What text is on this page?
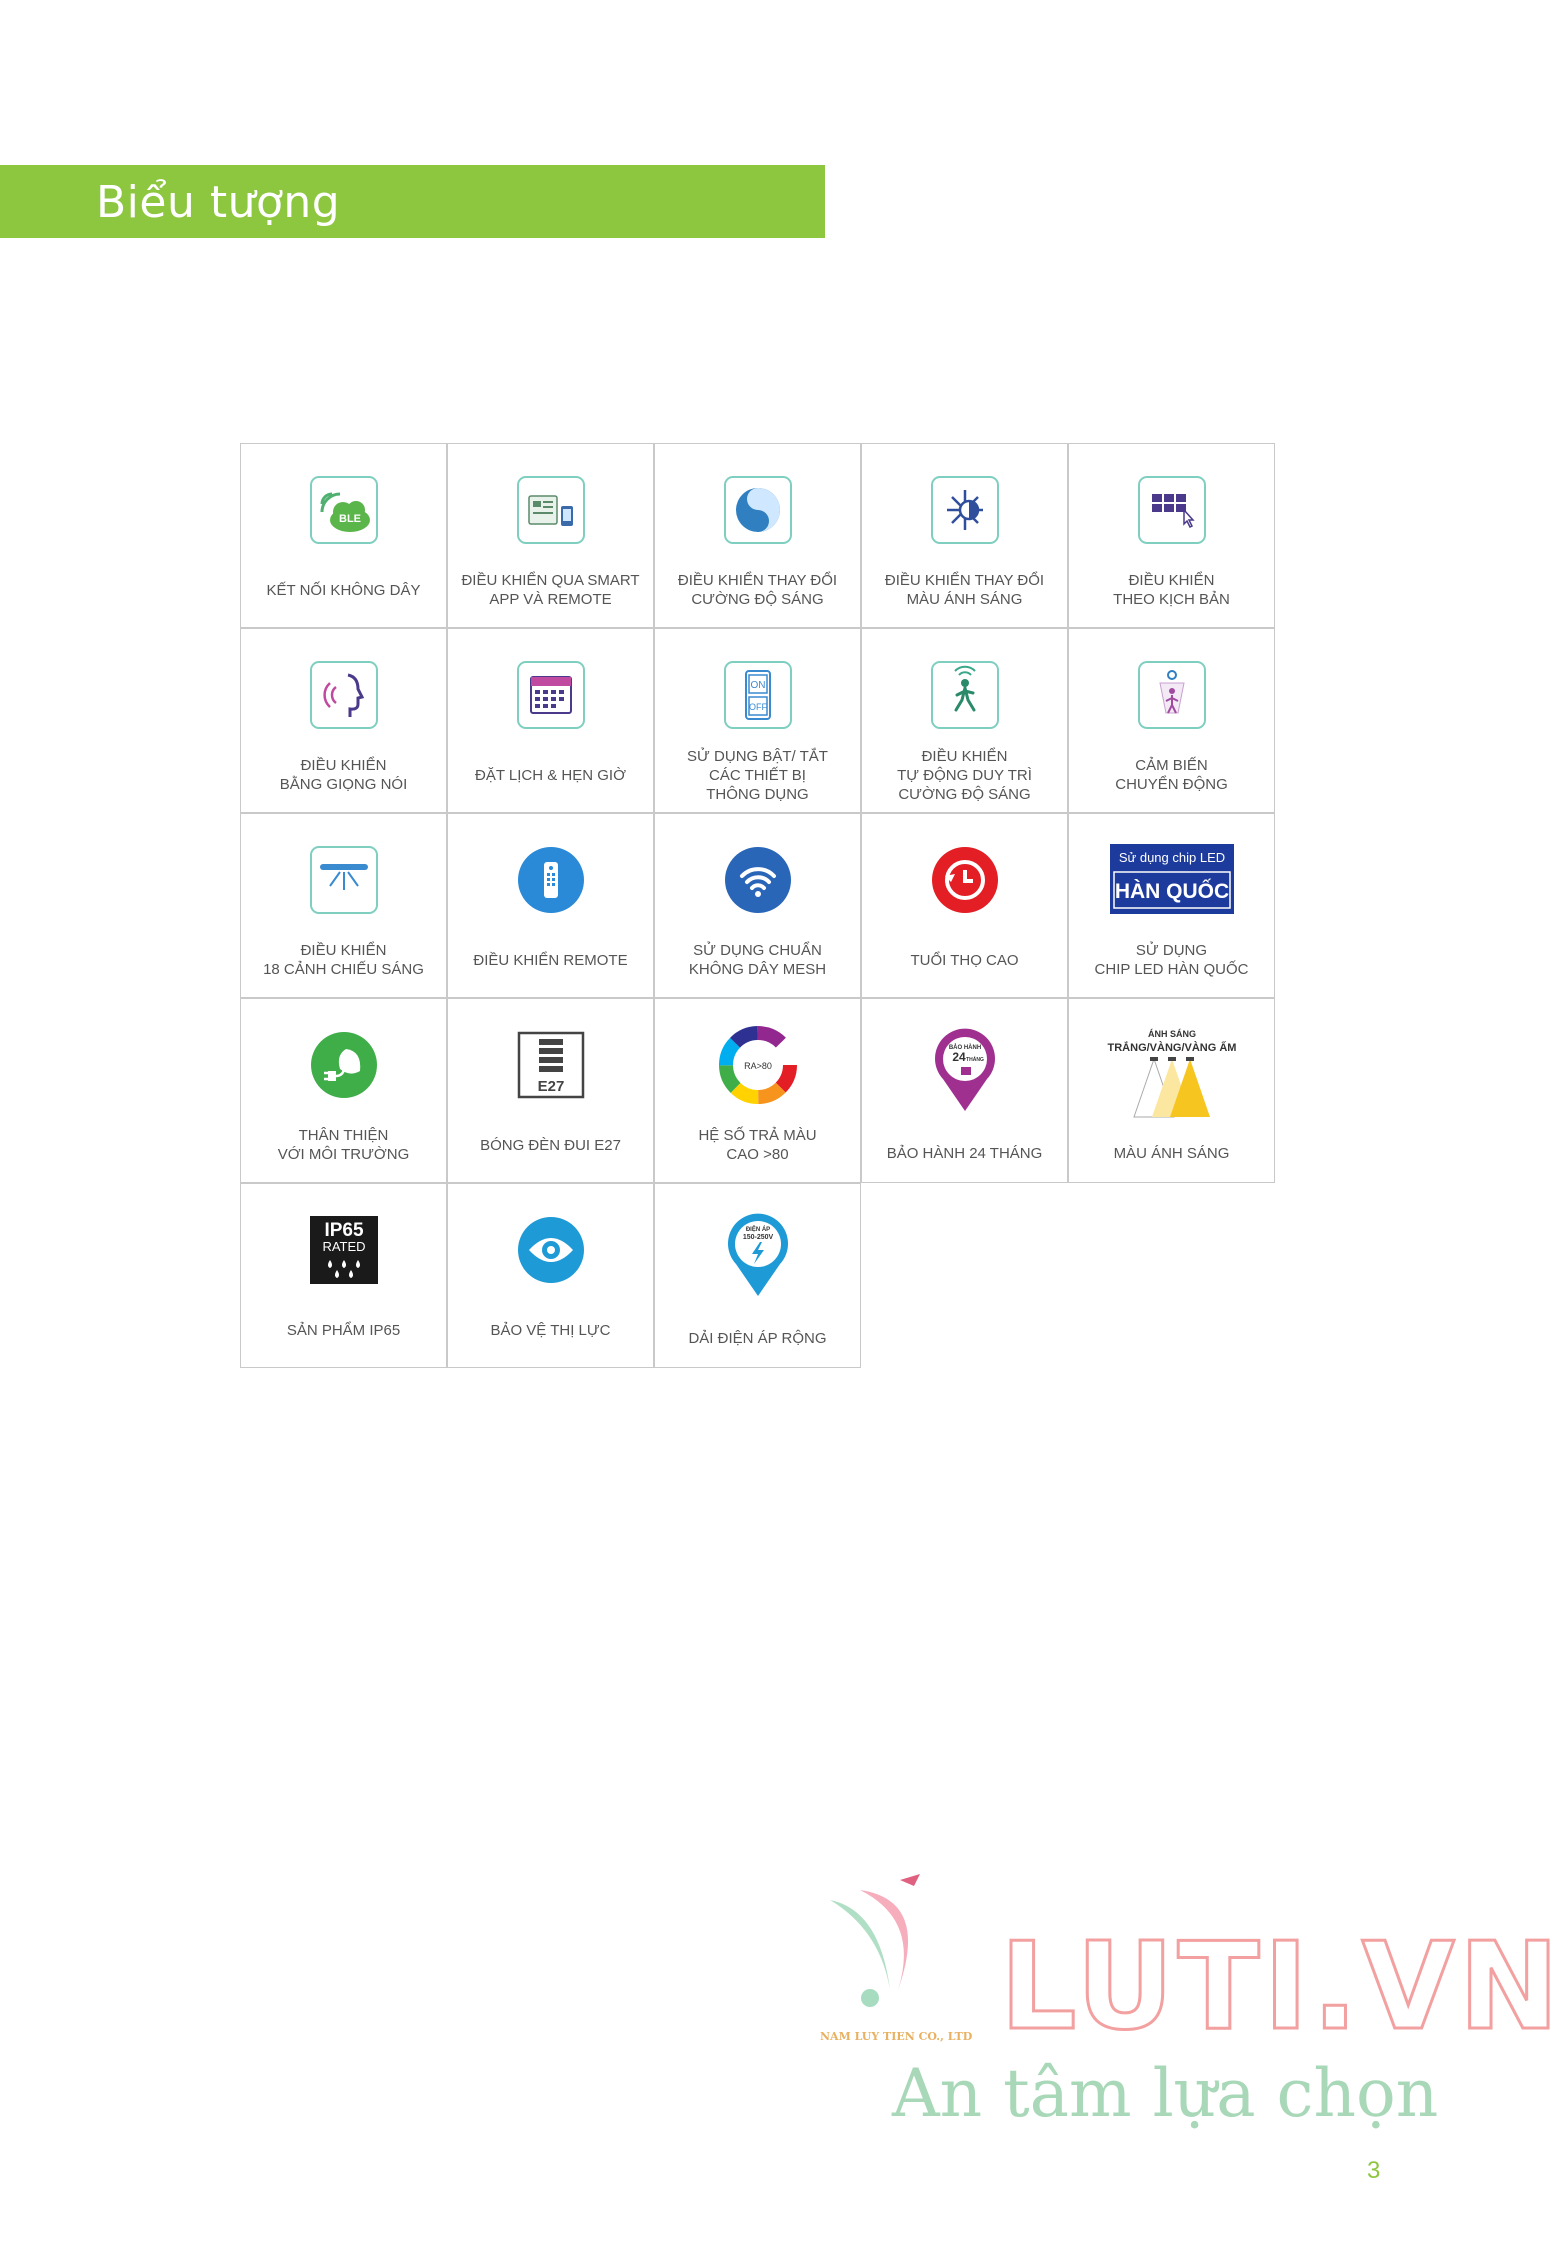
Biểu tượng
BLE
KẾT NỐI KHÔNG DÂY
ĐIỀU KHIỂN QUA SMART
APP VÀ REMOTE
ĐIỀU KHIỂN THAY ĐỔI
CƯỜNG ĐỘ SÁNG
ĐIỀU KHIỂN THAY ĐỔI
MÀU ÁNH SÁNG
ĐIỀU KHIỂN
THEO KỊCH BẢN
ĐIỀU KHIỂN
BẰNG GIỌNG NÓI
ĐẶT LỊCH & HẸN GIỜ
ON
OFF
SỬ DỤNG BẬT/ TẮT
CÁC THIẾT BỊ
THÔNG DỤNG
ĐIỀU KHIỂN
TỰ ĐỘNG DUY TRÌ
CƯỜNG ĐỘ SÁNG
CẢM BIẾN
CHUYỂN ĐỘNG
ĐIỀU KHIỂN
18 CẢNH CHIẾU SÁNG
ĐIỀU KHIỂN REMOTE
SỬ DỤNG CHUẨN
KHÔNG DÂY MESH
TUỔI THỌ CAO
Sử dụng chip LED
HÀN QUỐC
SỬ DỤNG
CHIP LED HÀN QUỐC
THÂN THIỆN
VỚI MÔI TRƯỜNG
E27
BÓNG ĐÈN ĐUI E27
RA>80
HỆ SỐ TRẢ MÀU
CAO >80
BẢO HÀNH
24 THÁNG
BẢO HÀNH 24 THÁNG
ÁNH SÁNG
TRẮNG/VÀNG/VÀNG ẤM
MÀU ÁNH SÁNG
IP65
RATED
SẢN PHẨM IP65	BẢO VỆ THỊ LỰC
ĐIỆN ÁP
150-250V
DẢI ĐIỆN ÁP RỘNG
LUTI.VN
NAM LUY TIEN CO., LTD
An tâm lựa chọn
3
